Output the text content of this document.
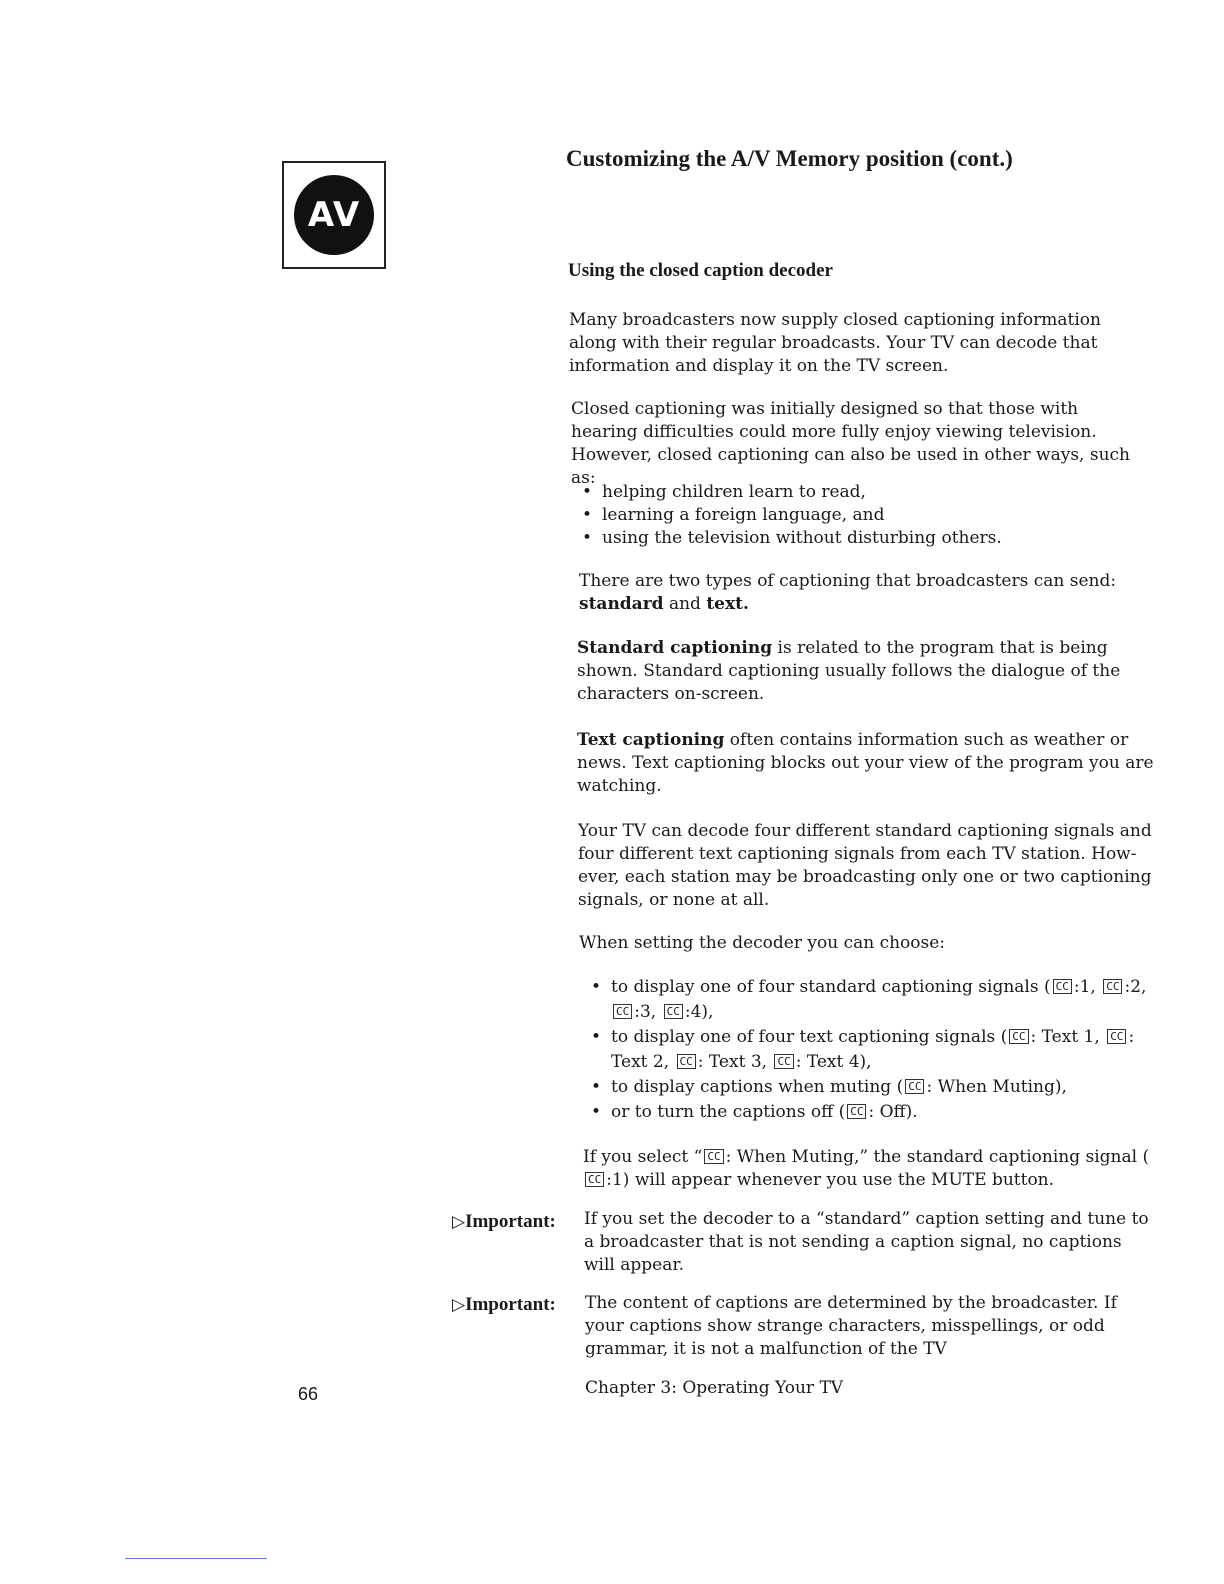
AV
Customizing the A/V Memory position (cont.)
Using the closed caption decoder

Many broadcasters now supply closed captioning information along with their regular broadcasts. Your TV can decode that information and display it on the TV screen.

Closed captioning was initially designed so that those with hearing difficulties could more fully enjoy viewing television. However, closed captioning can also be used in other ways, such as:

• helping children learn to read,
• learning a foreign language, and
• using the television without disturbing others.

There are two types of captioning that broadcasters can send:
standard and text.

Standard captioning is related to the program that is being shown. Standard captioning usually follows the dialogue of the characters on-screen.

Text captioning often contains information such as weather or news. Text captioning blocks out your view of the program you are watching.

Your TV can decode four different standard captioning signals and four different text captioning signals from each TV station. How-ever, each station may be broadcasting only one or two captioning signals, or none at all.

When setting the decoder you can choose:

• to display one of four standard captioning signals ( CC :1, CC :2, CC :3, CC :4),
• to display one of four text captioning signals ( CC : Text 1, CC : Text 2, CC : Text 3, CC : Text 4),
• to display captions when muting ( CC : When Muting),
• or to turn the captions off ( CC : Off).

If you select “ CC : When Muting,” the standard captioning signal (CC :1) will appear whenever you use the MUTE button.

▷Important: If you set the decoder to a “standard” caption setting and tune to a broadcaster that is not sending a caption signal, no captions will appear.

▷Important: The content of captions are determined by the broadcaster. If your captions show strange characters, misspellings, or odd grammar, it is not a malfunction of the TV

66	Chapter 3: Operating Your TV
